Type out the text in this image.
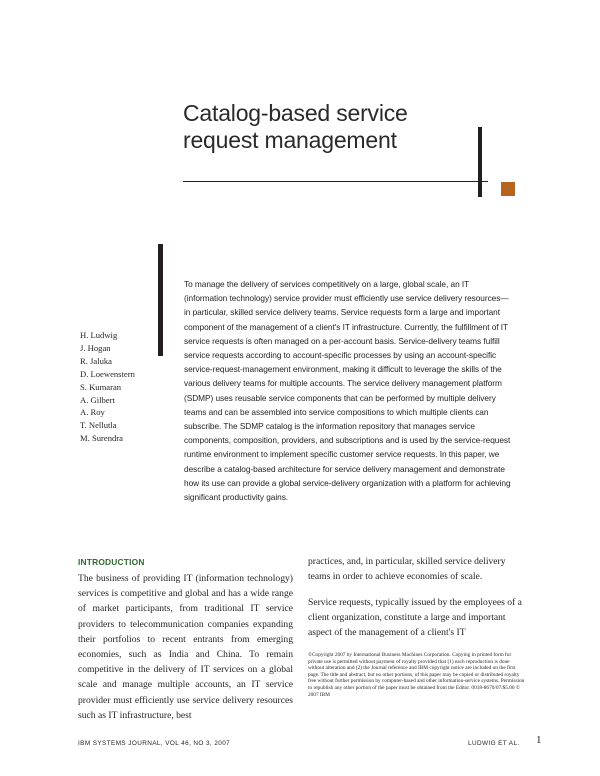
Catalog-based service request management
To manage the delivery of services competitively on a large, global scale, an IT (information technology) service provider must efficiently use service delivery resources—in particular, skilled service delivery teams. Service requests form a large and important component of the management of a client's IT infrastructure. Currently, the fulfillment of IT service requests is often managed on a per-account basis. Service-delivery teams fulfill service requests according to account-specific processes by using an account-specific service-request-management environment, making it difficult to leverage the skills of the various delivery teams for multiple accounts. The service delivery management platform (SDMP) uses reusable service components that can be performed by multiple delivery teams and can be assembled into service compositions to which multiple clients can subscribe. The SDMP catalog is the information repository that manages service components, composition, providers, and subscriptions and is used by the service-request runtime environment to implement specific customer service requests. In this paper, we describe a catalog-based architecture for service delivery management and demonstrate how its use can provide a global service-delivery organization with a platform for achieving significant productivity gains.
H. Ludwig
J. Hogan
R. Jaluka
D. Loewenstern
S. Kumaran
A. Gilbert
A. Roy
T. Nellutla
M. Surendra
INTRODUCTION
The business of providing IT (information technology) services is competitive and global and has a wide range of market participants, from traditional IT service providers to telecommunication companies expanding their portfolios to recent entrants from emerging economies, such as India and China. To remain competitive in the delivery of IT services on a global scale and manage multiple accounts, an IT service provider must efficiently use service delivery resources such as IT infrastructure, best
practices, and, in particular, skilled service delivery teams in order to achieve economies of scale.
Service requests, typically issued by the employees of a client organization, constitute a large and important aspect of the management of a client's IT
©Copyright 2007 by International Business Machines Corporation. Copying in printed form for private use is permitted without payment of royalty provided that (1) each reproduction is done without alteration and (2) the Journal reference and IBM copyright notice are included on the first page. The title and abstract, but no other portions, of this paper may be copied or distributed royalty free without further permission by computer-based and other information-service systems. Permission to republish any other portion of the paper must be obtained from the Editor. 0018-8670/07/$5.00 © 2007 IBM
IBM SYSTEMS JOURNAL, VOL 46, NO 3, 2007	LUDWIG ET AL. 1
